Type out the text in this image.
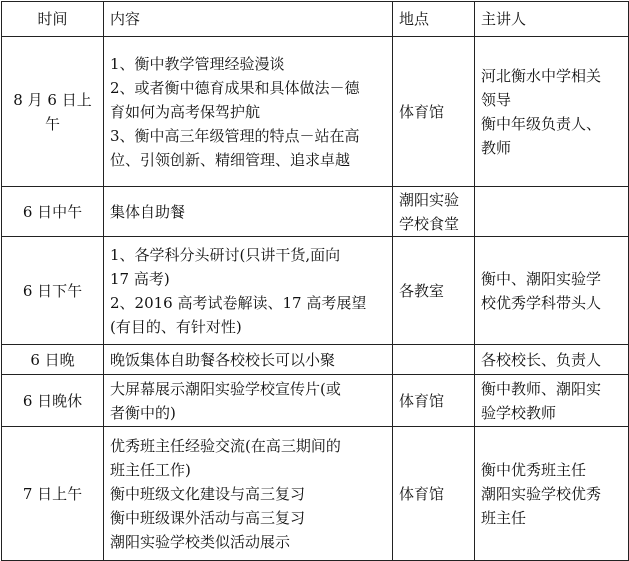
时间	内容	地点	主讲人
8 月 6 日上午	1、衡中教学管理经验漫谈
2、或者衡中德育成果和具体做法－德
育如何为高考保驾护航
3、衡中高三年级管理的特点－站在高
位、引领创新、精细管理、追求卓越	体育馆	河北衡水中学相关
领导
衡中年级负责人、
教师

6 日中午	集体自助餐	潮阳实验
学校食堂	

6 日下午	1、各学科分头研讨(只讲干货,面向
17 高考)
2、2016 高考试卷解读、17 高考展望
(有目的、有针对性)	各教室	衡中、潮阳实验学
校优秀学科带头人

6 日晚	晚饭集体自助餐各校校长可以小聚		各校校长、负责人

6 日晚休	大屏幕展示潮阳实验学校宣传片(或
者衡中的)	体育馆	衡中教师、潮阳实
验学校教师

7 日上午	优秀班主任经验交流(在高三期间的
班主任工作)
衡中班级文化建设与高三复习
衡中班级课外活动与高三复习
潮阳实验学校类似活动展示	体育馆	衡中优秀班主任
潮阳实验学校优秀
班主任
